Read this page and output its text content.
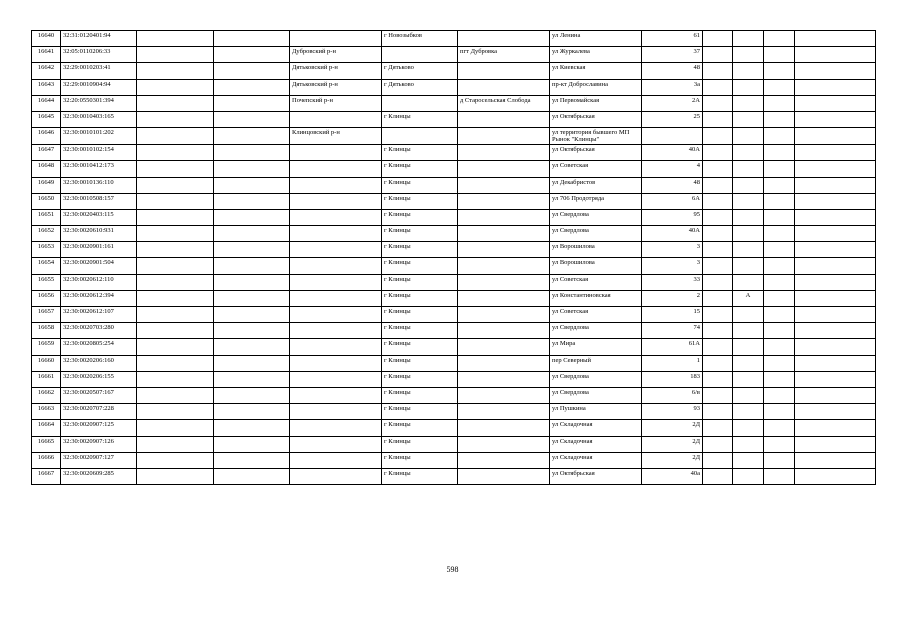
16640	32:31:0120401:94				г Новозыбков		ул Ленина	61				
16641	32:05:0110206:33			Дубровский р-н		пгт Дубровка	ул Журкалева	37				
16642	32:29:0010203:41			Дятьковский р-н	г Дятьково		ул Киевская	48				
16643	32:29:0010904:94			Дятьковский р-н	г Дятьково		пр-кт Доброславина	3а				
16644	32:20:0550301:394			Почепский р-н		д Старосельская Слобода	ул Первомайская	2А				
16645	32:30:0010403:165				г Клинцы		ул Октябрьская	25				
16646	32:30:0010101:202			Клинцовский р-н			ул территория бывшего МП Рынок "Клинцы"					
16647	32:30:0010102:154				г Клинцы		ул Октябрьская	40А				
16648	32:30:0010412:173				г Клинцы		ул Советская	4				
16649	32:30:0010136:110				г Клинцы		ул Декабристов	48				
16650	32:30:0010508:157				г Клинцы		ул 706 Продотряда	6А				
16651	32:30:0020403:115				г Клинцы		ул Свердлова	95				
16652	32:30:0020610:931				г Клинцы		ул Свердлова	40А				
16653	32:30:0020901:161				г Клинцы		ул Ворошилова	3				
16654	32:30:0020901:504				г Клинцы		ул Ворошилова	3				
16655	32:30:0020612:110				г Клинцы		ул Советская	33				
16656	32:30:0020612:394				г Клинцы		ул Константиновская	2		А		
16657	32:30:0020612:107				г Клинцы		ул Советская	15				
16658	32:30:0020703:280				г Клинцы		ул Свердлова	74				
16659	32:30:0020805:254				г Клинцы		ул Мира	61А				
16660	32:30:0020206:160				г Клинцы		пер Северный	1				
16661	32:30:0020206:155				г Клинцы		ул Свердлова	183				
16662	32:30:0020507:167				г Клинцы		ул Свердлова	6/в				
16663	32:30:0020707:228				г Клинцы		ул Пушкина	93				
16664	32:30:0020907:125				г Клинцы		ул Складочная	2Д				
16665	32:30:0020907:126				г Клинцы		ул Складочная	2Д				
16666	32:30:0020907:127				г Клинцы		ул Складочная	2Д				
16667	32:30:0020609:285				г Клинцы		ул Октябрьская	40а				
598
